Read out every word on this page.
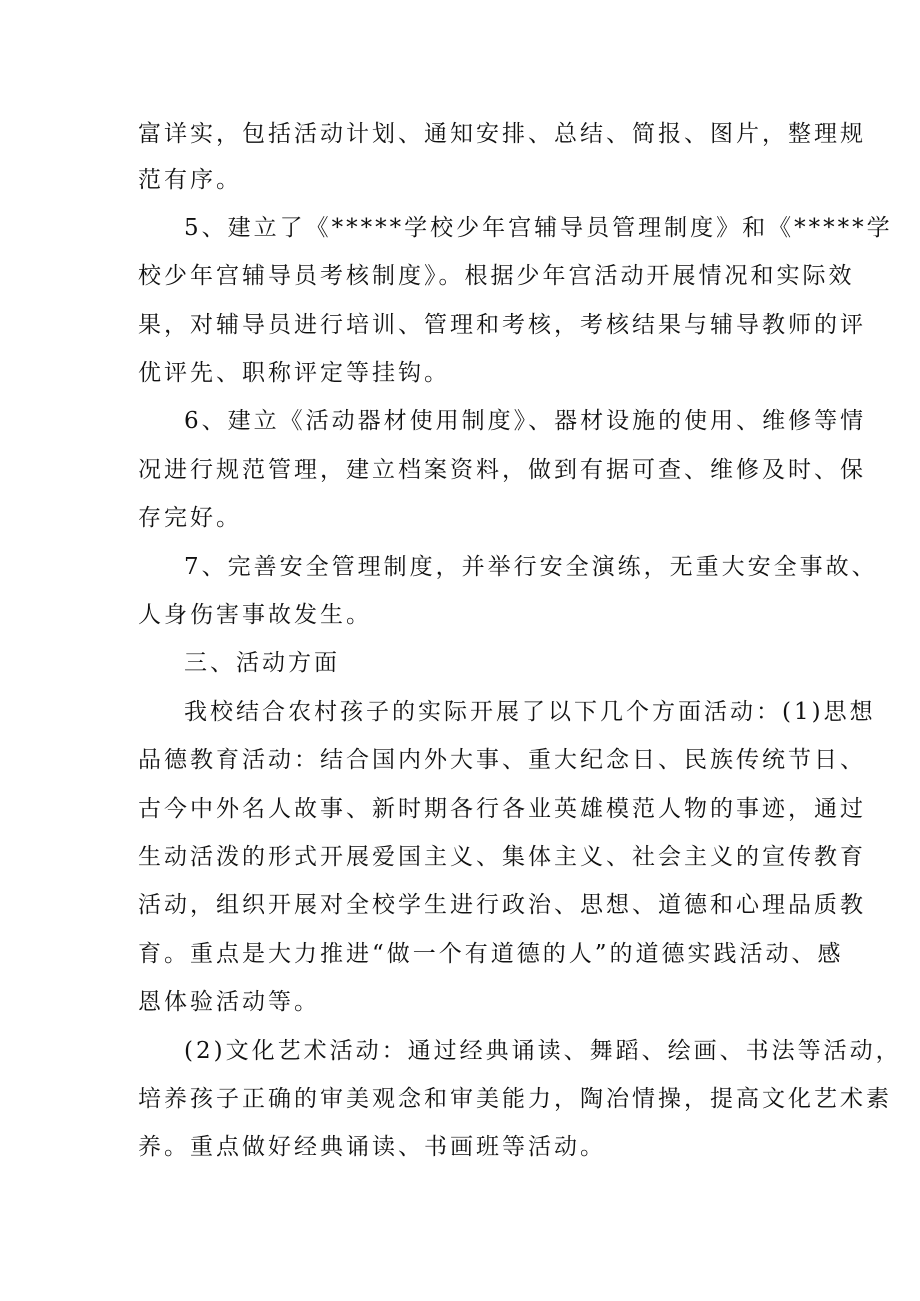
富详实，包括活动计划、通知安排、总结、简报、图片，整理规
范有序。
5、建立了《*****学校少年宫辅导员管理制度》和《*****学
校少年宫辅导员考核制度》。根据少年宫活动开展情况和实际效
果，对辅导员进行培训、管理和考核，考核结果与辅导教师的评
优评先、职称评定等挂钩。
6、建立《活动器材使用制度》、器材设施的使用、维修等情
况进行规范管理，建立档案资料，做到有据可查、维修及时、保
存完好。
7、完善安全管理制度，并举行安全演练，无重大安全事故、
人身伤害事故发生。
三、活动方面
我校结合农村孩子的实际开展了以下几个方面活动：(1)思想
品德教育活动：结合国内外大事、重大纪念日、民族传统节日、
古今中外名人故事、新时期各行各业英雄模范人物的事迹，通过
生动活泼的形式开展爱国主义、集体主义、社会主义的宣传教育
活动，组织开展对全校学生进行政治、思想、道德和心理品质教
育。重点是大力推进“做一个有道德的人”的道德实践活动、感
恩体验活动等。
(2)文化艺术活动：通过经典诵读、舞蹈、绘画、书法等活动，
培养孩子正确的审美观念和审美能力，陶冶情操，提高文化艺术素
养。重点做好经典诵读、书画班等活动。
